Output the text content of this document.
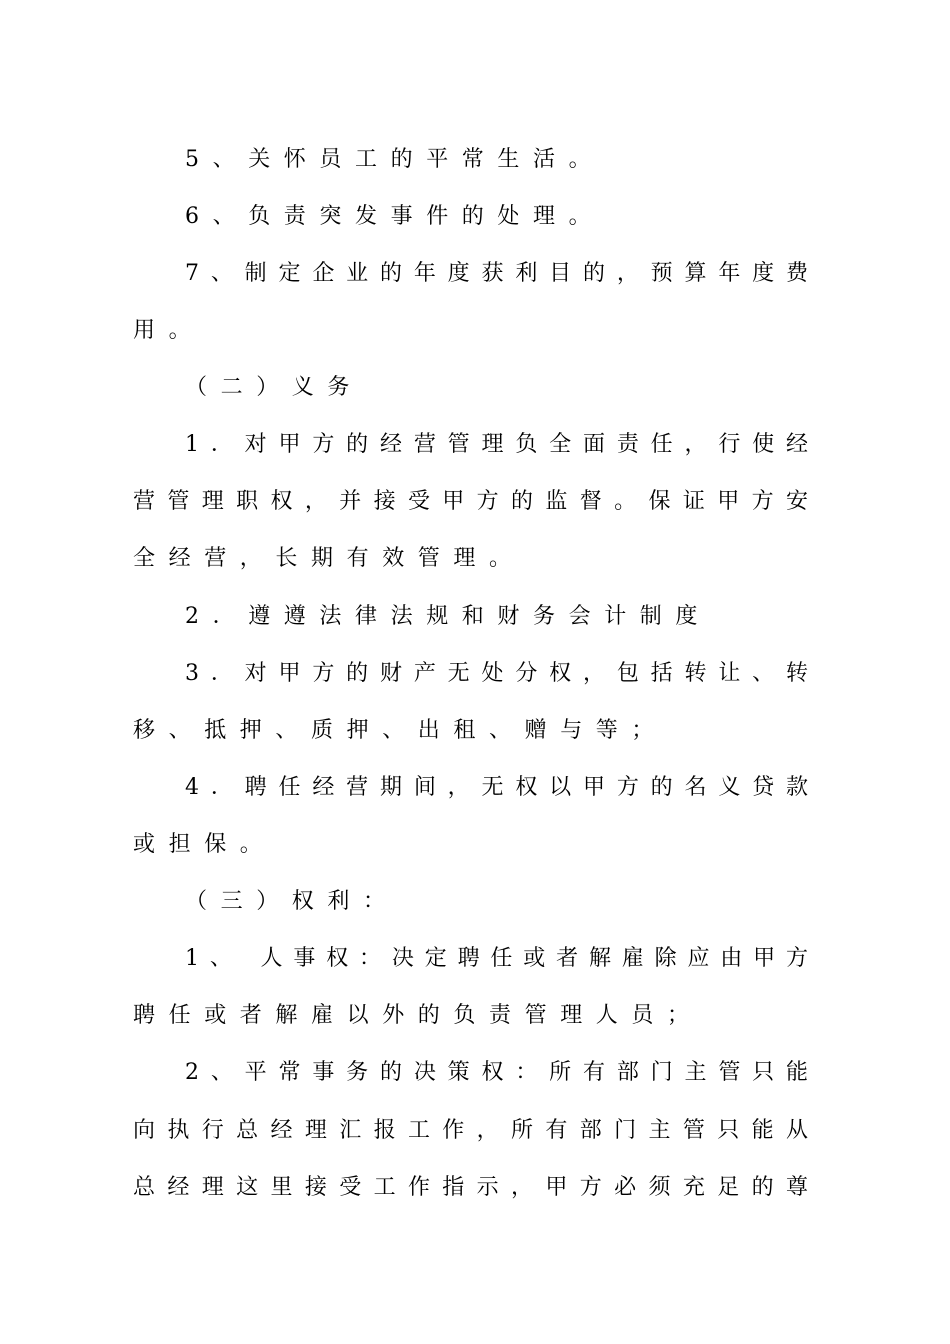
5、关怀员工的平常生活。
6、负责突发事件的处理。
7、制定企业的年度获利目的，预算年度费
用。
（二）义务
1．对甲方的经营管理负全面责任，行使经
营管理职权，并接受甲方的监督。保证甲方安
全经营，长期有效管理。
2．遵遵法律法规和财务会计制度
3．对甲方的财产无处分权，包括转让、转
移、抵押、质押、出租、赠与等；
4．聘任经营期间，无权以甲方的名义贷款
或担保。
（三）权利：
1、 人事权：决定聘任或者解雇除应由甲方
聘任或者解雇以外的负责管理人员；
2、平常事务的决策权：所有部门主管只能
向执行总经理汇报工作，所有部门主管只能从
总经理这里接受工作指示，甲方必须充足的尊
